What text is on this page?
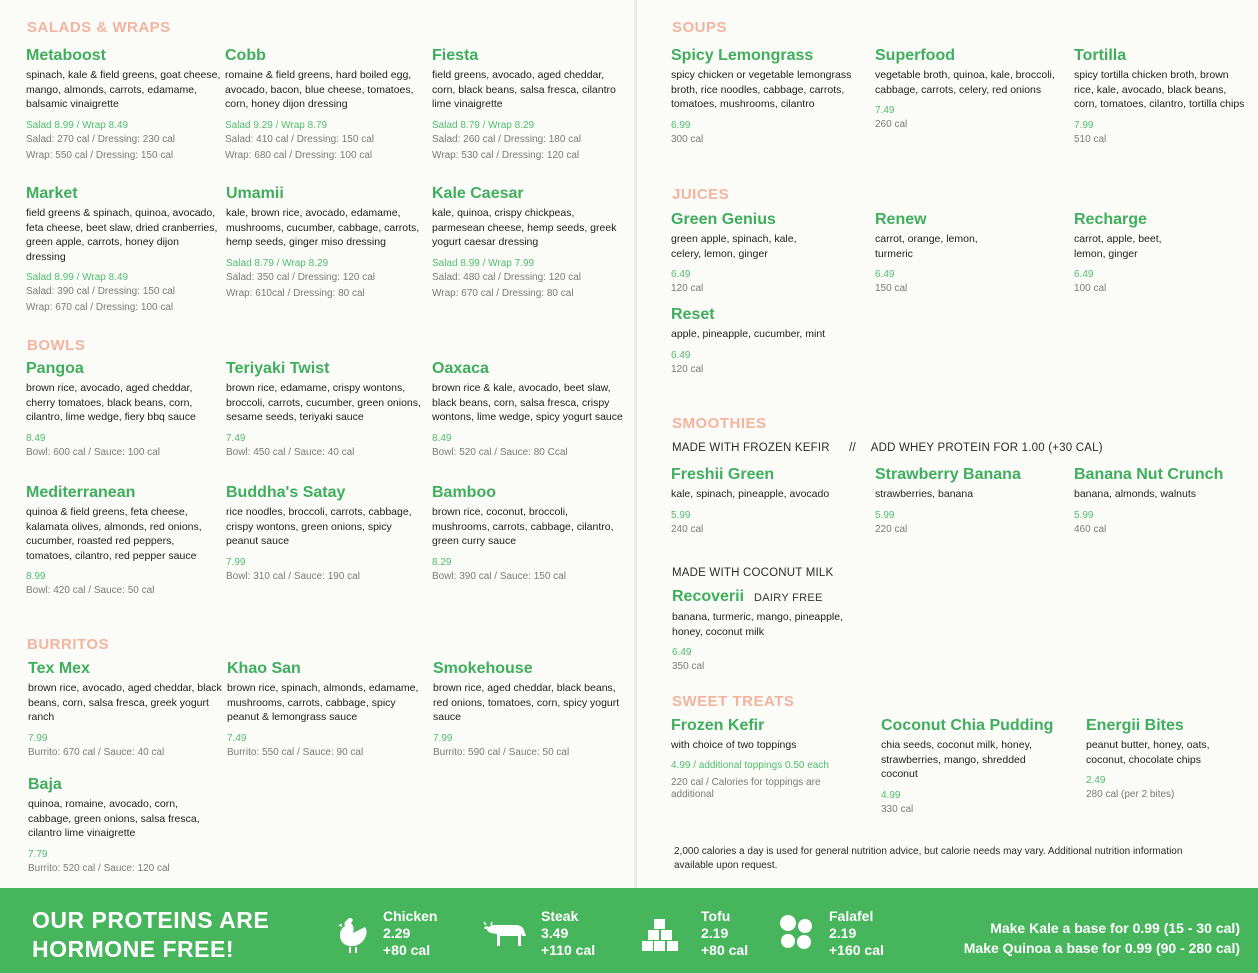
SALADS & WRAPS
Metaboost
spinach, kale & field greens, goat cheese, mango, almonds, carrots, edamame, balsamic vinaigrette
Salad 8.99 / Wrap 8.49
Salad: 270 cal / Dressing: 230 cal
Wrap: 550 cal / Dressing: 150 cal
Cobb
romaine & field greens, hard boiled egg, avocado, bacon, blue cheese, tomatoes, corn, honey dijon dressing
Salad 9.29 / Wrap 8.79
Salad: 410 cal / Dressing: 150 cal
Wrap: 680 cal / Dressing: 100 cal
Fiesta
field greens, avocado, aged cheddar, corn, black beans, salsa fresca, cilantro lime vinaigrette
Salad 8.79 / Wrap 8.29
Salad: 260 cal / Dressing: 180 cal
Wrap: 530 cal / Dressing: 120 cal
Market
field greens & spinach, quinoa, avocado, feta cheese, beet slaw, dried cranberries, green apple, carrots, honey dijon dressing
Salad 8.99 / Wrap 8.49
Salad: 390 cal / Dressing: 150 cal
Wrap: 670 cal / Dressing: 100 cal
Umamii
kale, brown rice, avocado, edamame, mushrooms, cucumber, cabbage, carrots, hemp seeds, ginger miso dressing
Salad 8.79 / Wrap 8.29
Salad: 350 cal / Dressing: 120 cal
Wrap: 610cal / Dressing: 80 cal
Kale Caesar
kale, quinoa, crispy chickpeas, parmesean cheese, hemp seeds, greek yogurt caesar dressing
Salad 8.99 / Wrap 7.99
Salad: 480 cal / Dressing: 120 cal
Wrap: 670 cal / Dressing: 80 cal
BOWLS
Pangoa
brown rice, avocado, aged cheddar, cherry tomatoes, black beans, corn, cilantro, lime wedge, fiery bbq sauce
8.49
Bowl: 600 cal / Sauce: 100 cal
Teriyaki Twist
brown rice, edamame, crispy wontons, broccoli, carrots, cucumber, green onions, sesame seeds, teriyaki sauce
7.49
Bowl: 450 cal / Sauce: 40 cal
Oaxaca
brown rice & kale, avocado, beet slaw, black beans, corn, salsa fresca, crispy wontons, lime wedge, spicy yogurt sauce
8.49
Bowl: 520 cal / Sauce: 80 Ccal
Mediterranean
quinoa & field greens, feta cheese, kalamata olives, almonds, red onions, cucumber, roasted red peppers, tomatoes, cilantro, red pepper sauce
8.99
Bowl: 420 cal / Sauce: 50 cal
Buddha's Satay
rice noodles, broccoli, carrots, cabbage, crispy wontons, green onions, spicy peanut sauce
7.99
Bowl: 310 cal / Sauce: 190 cal
Bamboo
brown rice, coconut, broccoli, mushrooms, carrots, cabbage, cilantro, green curry sauce
8.29
Bowl: 390 cal / Sauce: 150 cal
BURRITOS
Tex Mex
brown rice, avocado, aged cheddar, black beans, corn, salsa fresca, greek yogurt ranch
7.99
Burrito: 670 cal / Sauce: 40 cal
Khao San
brown rice, spinach, almonds, edamame, mushrooms, carrots, cabbage, spicy peanut & lemongrass sauce
7.49
Burrito: 550 cal / Sauce: 90 cal
Smokehouse
brown rice, aged cheddar, black beans, red onions, tomatoes, corn, spicy yogurt sauce
7.99
Burrito: 590 cal / Sauce: 50 cal
Baja
quinoa, romaine, avocado, corn, cabbage, green onions, salsa fresca, cilantro lime vinaigrette
7.79
Burrito: 520 cal / Sauce: 120 cal
SOUPS
Spicy Lemongrass
spicy chicken or vegetable lemongrass broth, rice noodles, cabbage, carrots, tomatoes, mushrooms, cilantro
6.99
300 cal
Superfood
vegetable broth, quinoa, kale, broccoli, cabbage, carrots, celery, red onions
7.49
260 cal
Tortilla
spicy tortilla chicken broth, brown rice, kale, avocado, black beans, corn, tomatoes, cilantro, tortilla chips
7.99
510 cal
JUICES
Green Genius
green apple, spinach, kale, celery, lemon, ginger
6.49
120 cal
Renew
carrot, orange, lemon, turmeric
6.49
150 cal
Recharge
carrot, apple, beet, lemon, ginger
6.49
100 cal
Reset
apple, pineapple, cucumber, mint
6.49
120 cal
SMOOTHIES
MADE WITH FROZEN KEFIR // ADD WHEY PROTEIN FOR 1.00 (+30 CAL)
Freshii Green
kale, spinach, pineapple, avocado
5.99
240 cal
Strawberry Banana
strawberries, banana
5.99
220 cal
Banana Nut Crunch
banana, almonds, walnuts
5.99
460 cal
MADE WITH COCONUT MILK
Recoverii DAIRY FREE
banana, turmeric, mango, pineapple, honey, coconut milk
6.49
350 cal
SWEET TREATS
Frozen Kefir
with choice of two toppings
4.99 / additional toppings 0.50 each
220 cal / Calories for toppings are additional
Coconut Chia Pudding
chia seeds, coconut milk, honey, strawberries, mango, shredded coconut
4.99
330 cal
Energii Bites
peanut butter, honey, oats, coconut, chocolate chips
2.49
280 cal (per 2 bites)
2,000 calories a day is used for general nutrition advice, but calorie needs may vary. Additional nutrition information available upon request.
OUR PROTEINS ARE
HORMONE FREE!
Chicken
2.29
+80 cal
Steak
3.49
+110 cal
Tofu
2.19
+80 cal
Falafel
2.19
+160 cal
Make Kale a base for 0.99 (15 - 30 cal)
Make Quinoa a base for 0.99 (90 - 280 cal)
